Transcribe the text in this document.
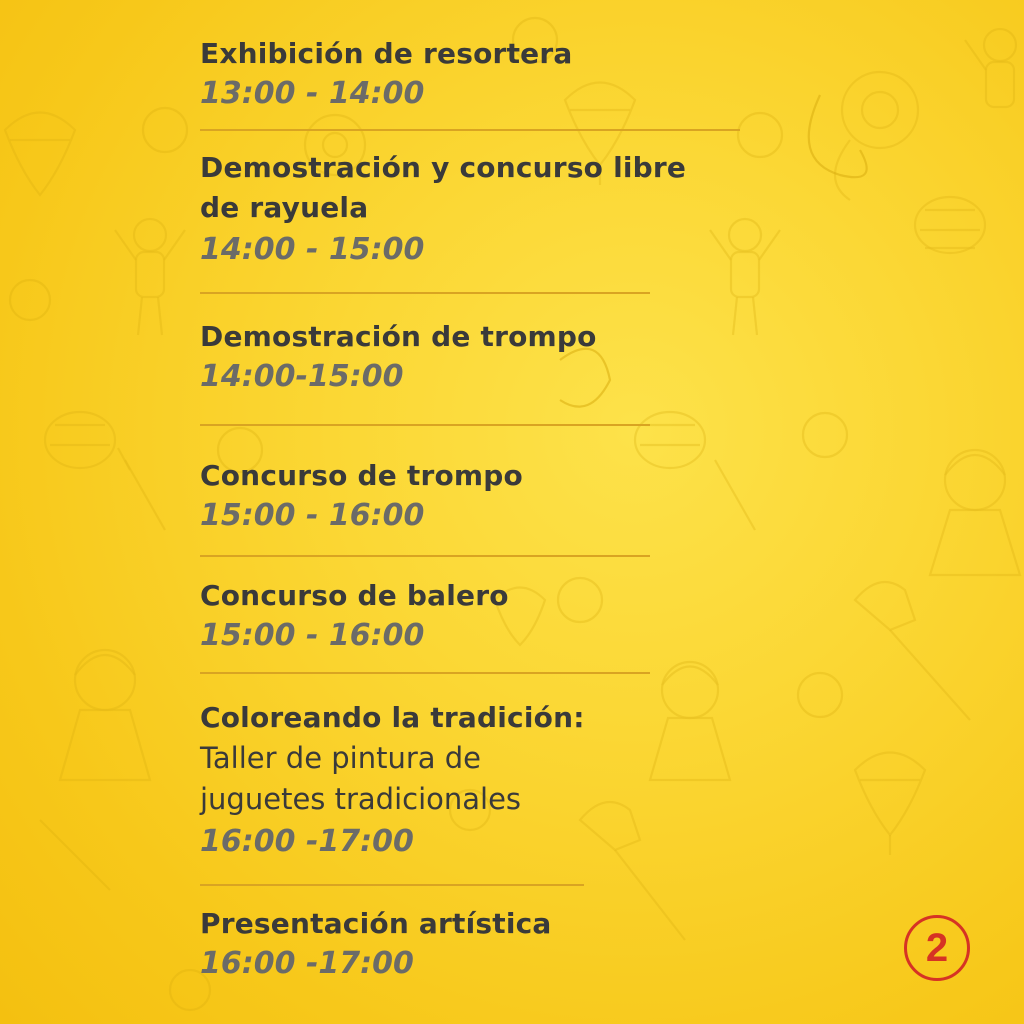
Exhibición de resortera
13:00 - 14:00
Demostración y concurso libre
de rayuela
14:00 - 15:00
Demostración de trompo
14:00-15:00
Concurso de trompo
15:00 - 16:00
Concurso de balero
15:00 - 16:00
Coloreando la tradición:
Taller de pintura de
juguetes tradicionales
16:00 -17:00
Presentación artística
16:00 -17:00	2
